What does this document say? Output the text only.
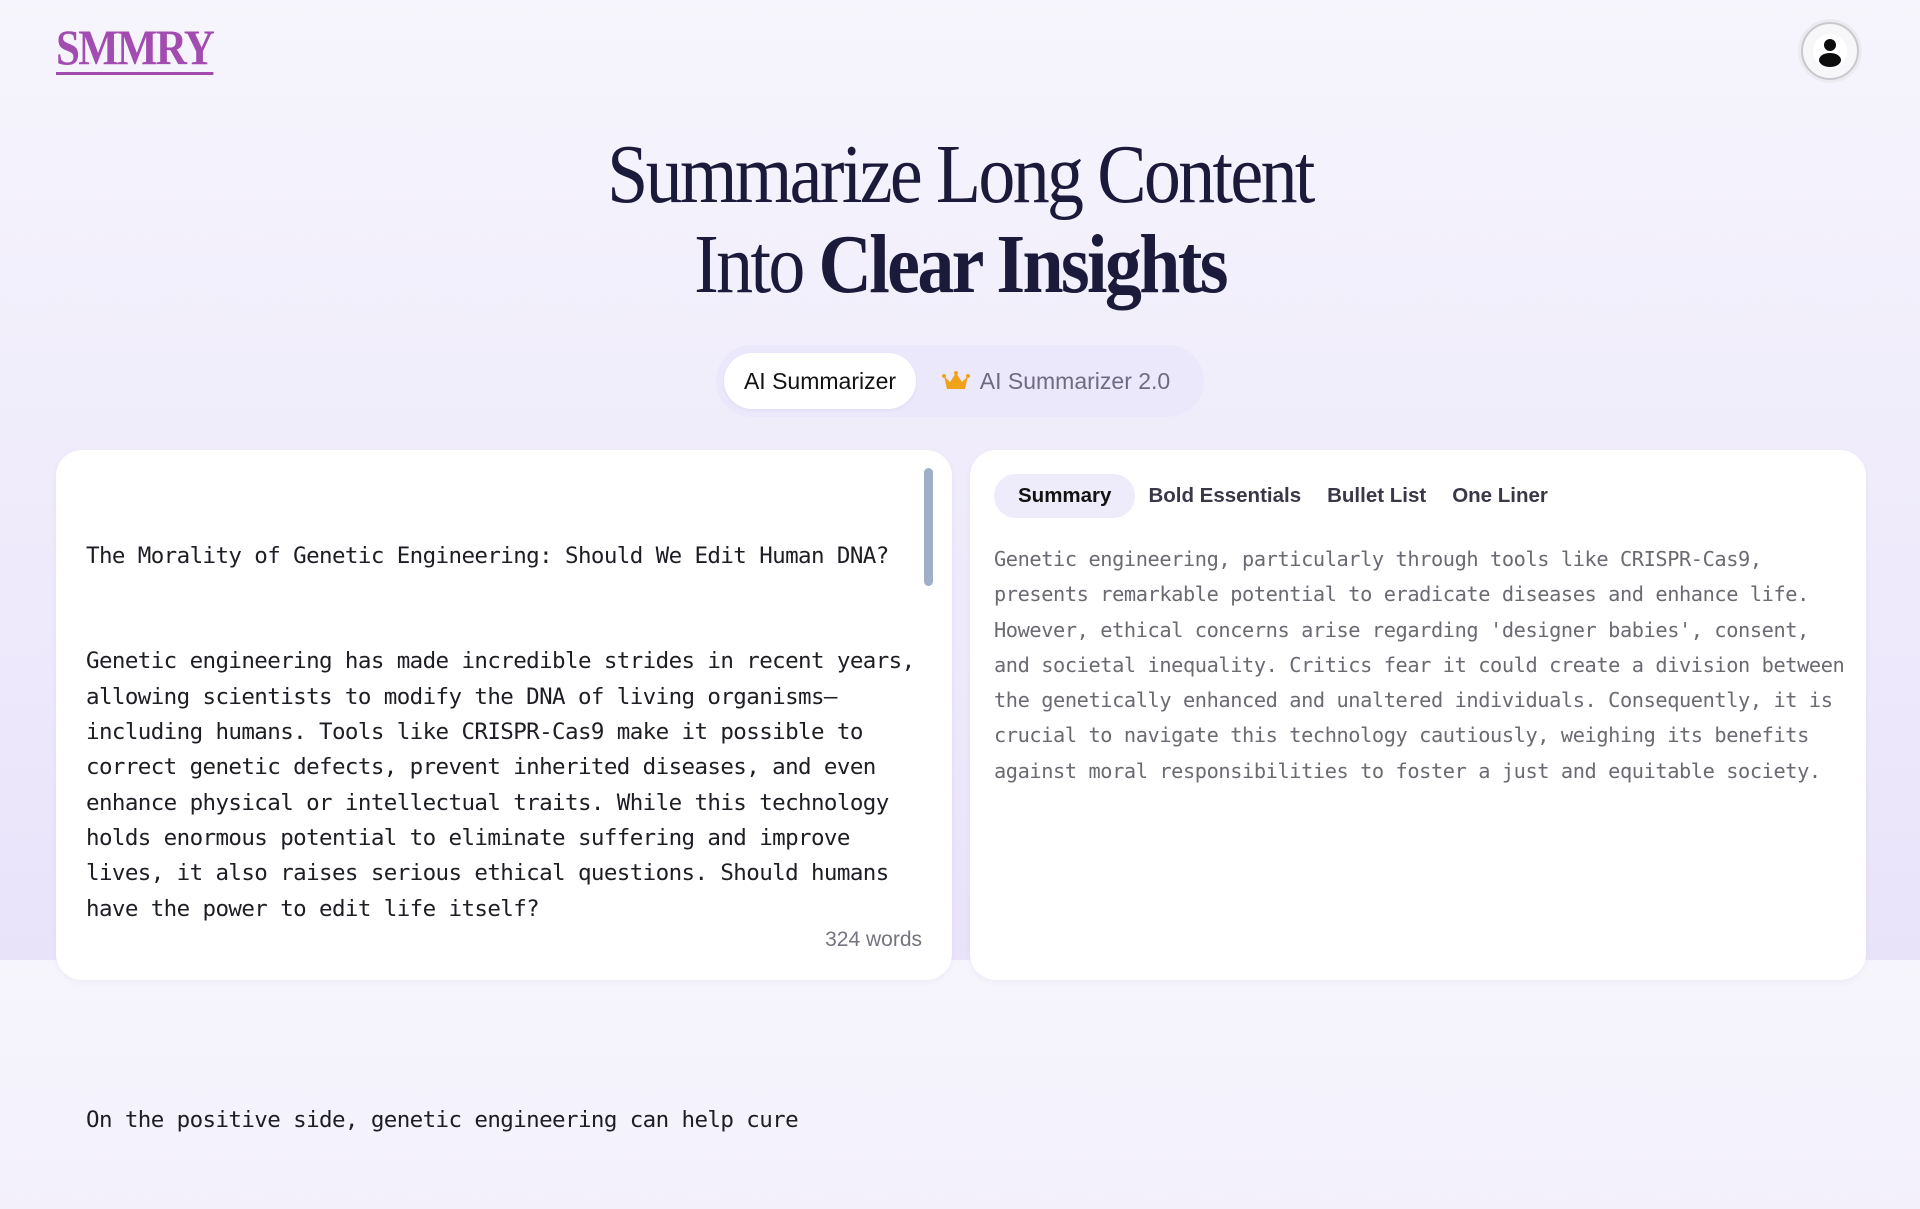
SMMRY
Summarize Long Content
Into Clear Insights
AI Summarizer	AI Summarizer 2.0

The Morality of Genetic Engineering: Should We Edit Human DNA?

Genetic engineering has made incredible strides in recent years, allowing scientists to modify the DNA of living organisms—including humans. Tools like CRISPR-Cas9 make it possible to correct genetic defects, prevent inherited diseases, and even enhance physical or intellectual traits. While this technology holds enormous potential to eliminate suffering and improve lives, it also raises serious ethical questions. Should humans have the power to edit life itself?

On the positive side, genetic engineering can help cure

324 words
Summary Bold Essentials Bullet List One Liner
Genetic engineering, particularly through tools like CRISPR-Cas9, presents remarkable potential to eradicate diseases and enhance life. However, ethical concerns arise regarding 'designer babies', consent, and societal inequality. Critics fear it could create a division between the genetically enhanced and unaltered individuals. Consequently, it is crucial to navigate this technology cautiously, weighing its benefits against moral responsibilities to foster a just and equitable society.
